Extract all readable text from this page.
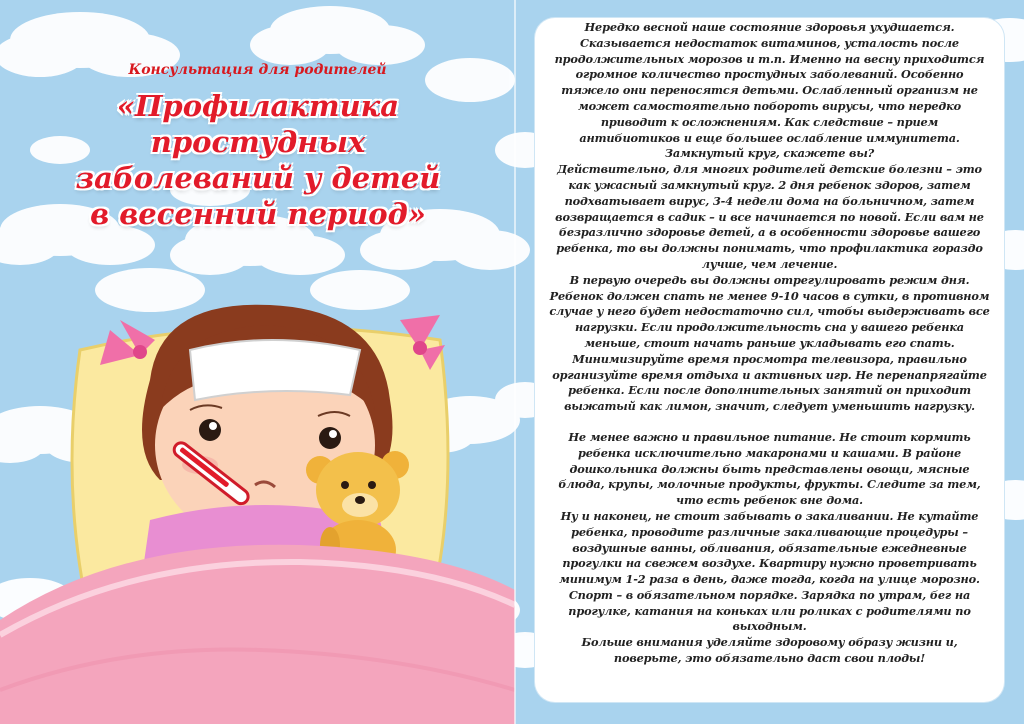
Консультация для родителей
«Профилактика простудных
заболеваний у детей
в весенний период»

Нередко весной наше состояние здоровья ухудшается. Сказывается недостаток витаминов, усталость после продолжительных морозов и т.п. Именно на весну приходится огромное количество простудных заболеваний. Особенно тяжело они переносятся детьми. Ослабленный организм не может самостоятельно побороть вирусы, что нередко приводит к осложнениям. Как следствие – прием антибиотиков и еще большее ослабление иммунитета. Замкнутый круг, скажете вы?

Действительно, для многих родителей детские болезни – это как ужасный замкнутый круг. 2 дня ребенок здоров, затем подхватывает вирус, 3-4 недели дома на больничном, затем возвращается в садик – и все начинается по новой. Если вам не безразлично здоровье детей, а в особенности здоровье вашего ребенка, то вы должны понимать, что профилактика гораздо лучше, чем лечение.

В первую очередь вы должны отрегулировать режим дня. Ребенок должен спать не менее 9-10 часов в сутки, в противном случае у него будет недостаточно сил, чтобы выдерживать все нагрузки. Если продолжительность сна у вашего ребенка меньше, стоит начать раньше укладывать его спать. Минимизируйте время просмотра телевизора, правильно организуйте время отдыха и активных игр. Не перенапрягайте ребенка. Если после дополнительных занятий он приходит выжатый как лимон, значит, следует уменьшить нагрузку.

Не менее важно и правильное питание. Не стоит кормить ребенка исключительно макаронами и кашами. В районе дошкольника должны быть представлены овощи, мясные блюда, крупы, молочные продукты, фрукты. Следите за тем, что есть ребенок вне дома.

Ну и наконец, не стоит забывать о закаливании. Не кутайте ребенка, проводите различные закаливающие процедуры – воздушные ванны, обливания, обязательные ежедневные прогулки на свежем воздухе. Квартиру нужно проветривать минимум 1-2 раза в день, даже тогда, когда на улице морозно. Спорт – в обязательном порядке. Зарядка по утрам, бег на прогулке, катания на коньках или роликах с родителями по выходным.

Больше внимания уделяйте здоровому образу жизни и, поверьте, это обязательно даст свои плоды!
